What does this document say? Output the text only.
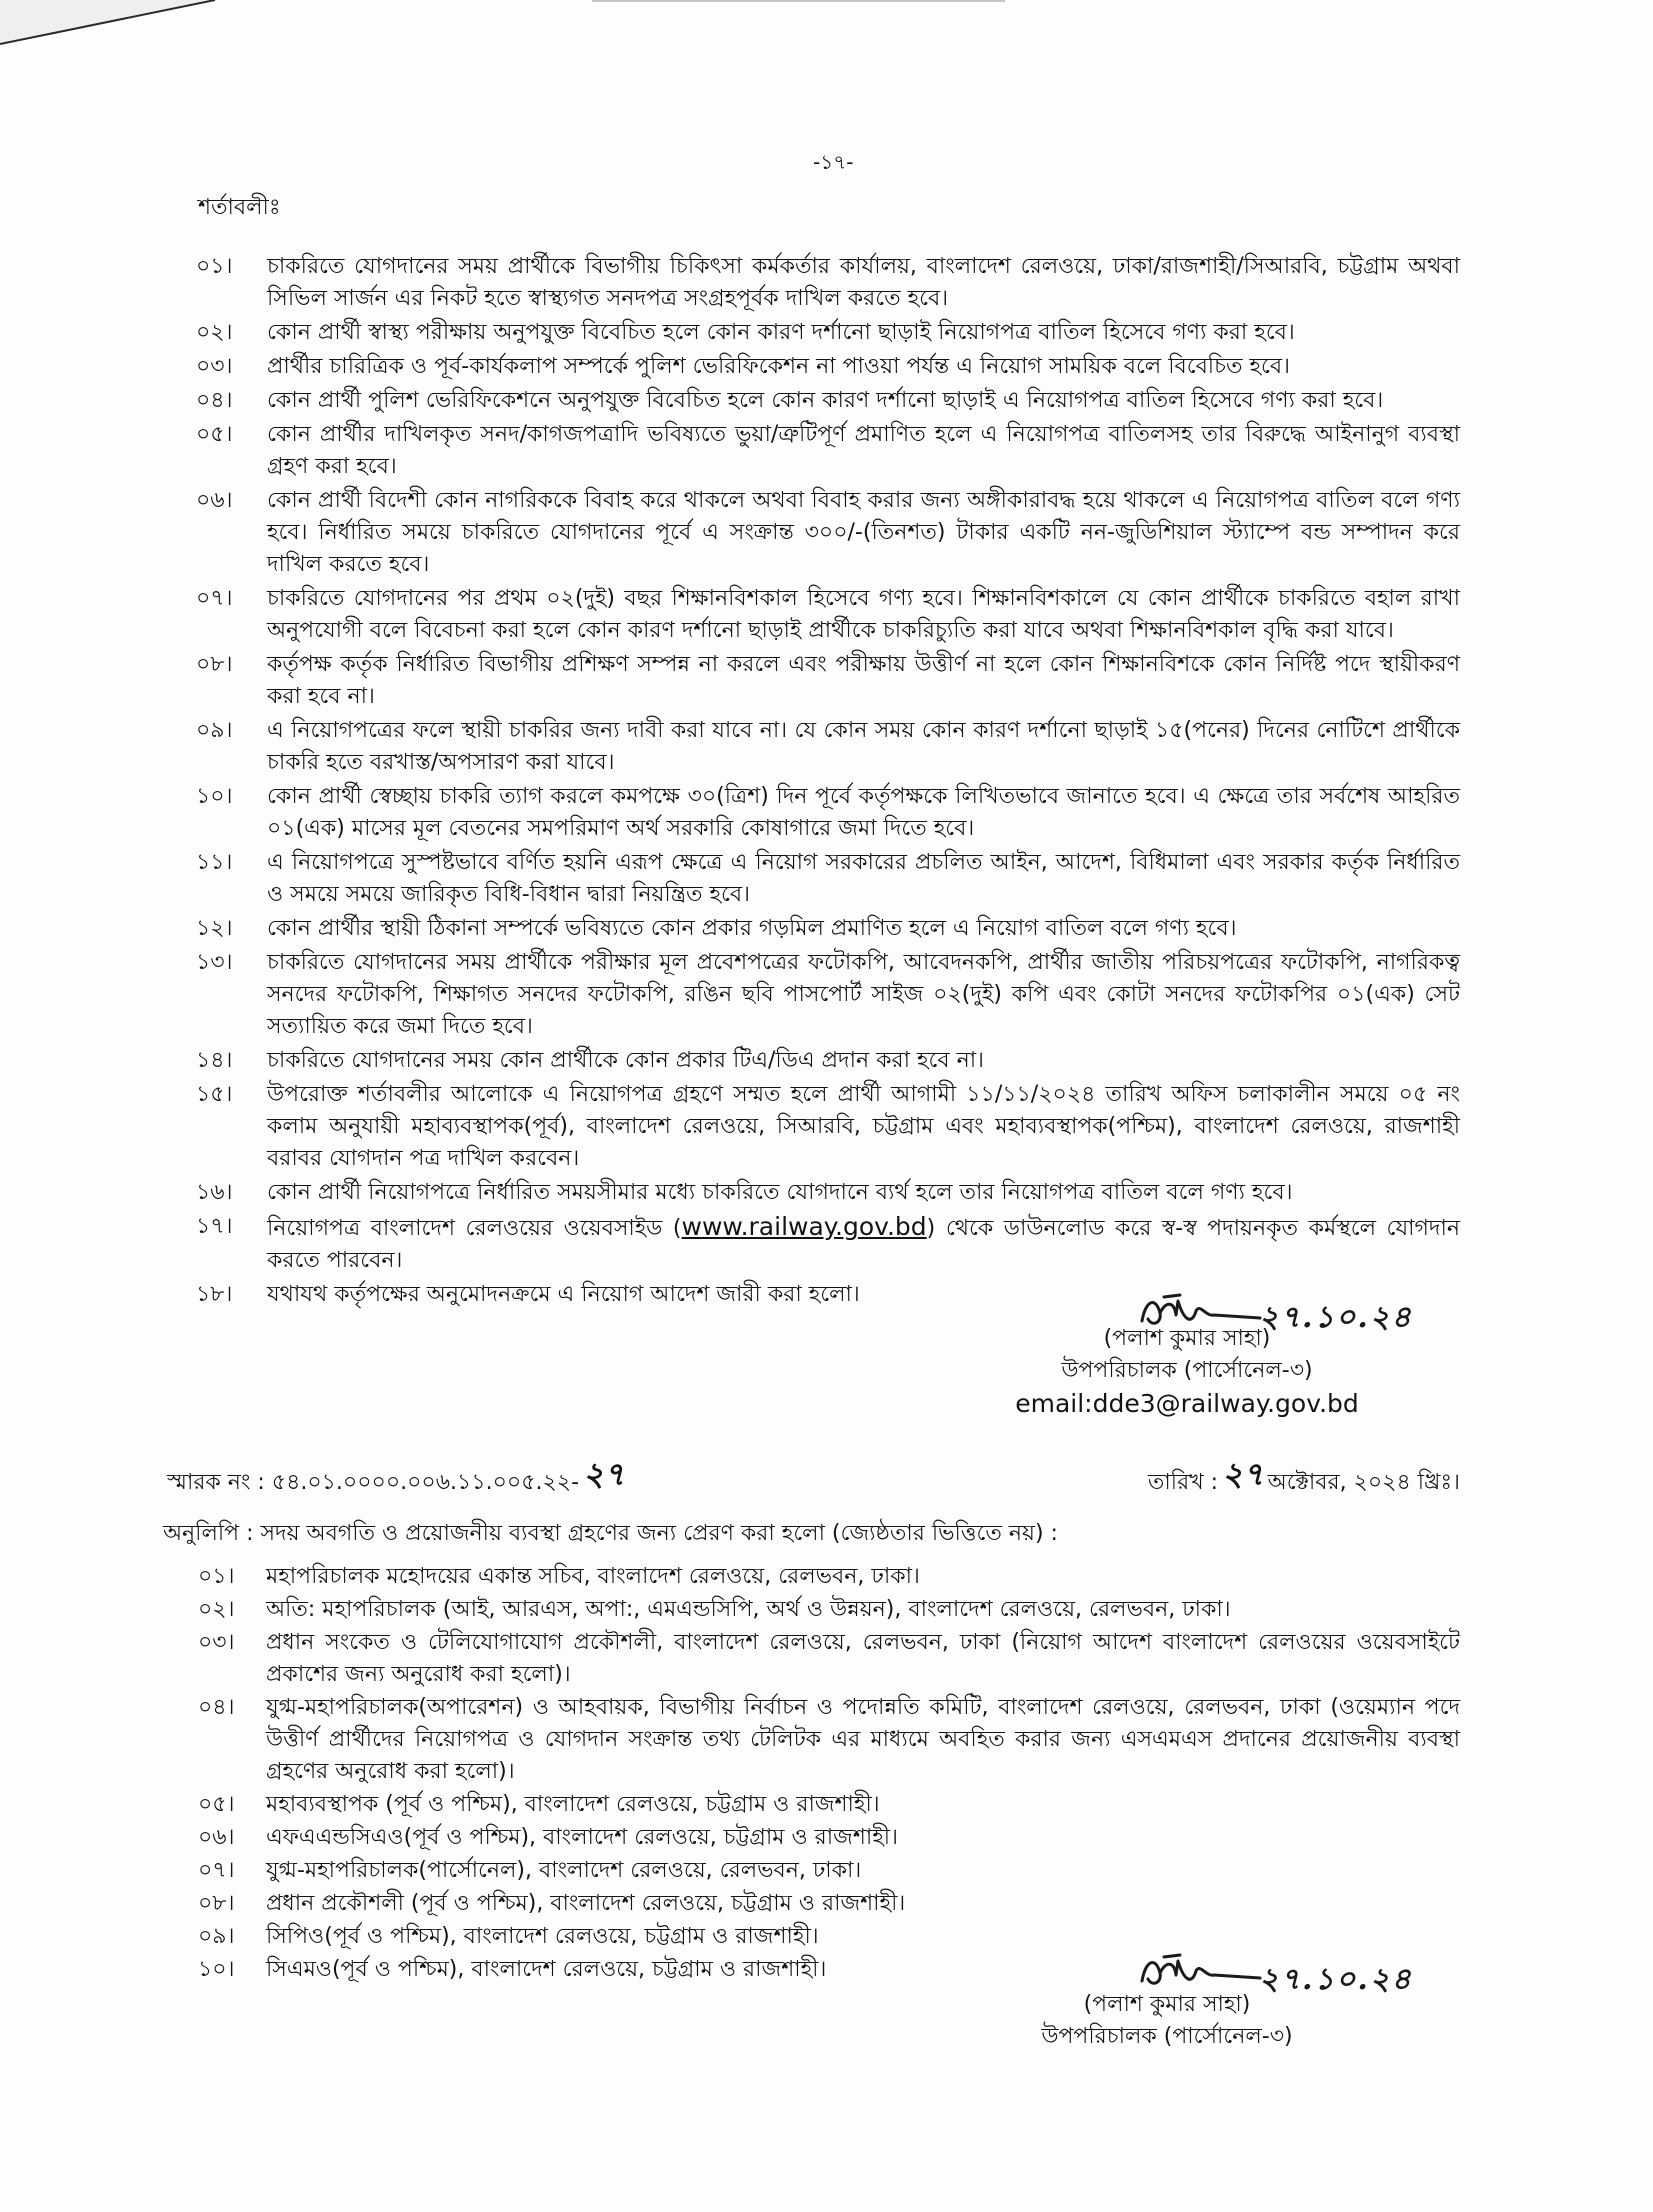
-১৭-
শর্তাবলীঃ
০১।	চাকরিতে যোগদানের সময় প্রার্থীকে বিভাগীয় চিকিৎসা কর্মকর্তার কার্যালয়, বাংলাদেশ রেলওয়ে, ঢাকা/রাজশাহী/সিআরবি, চট্টগ্রাম অথবা সিভিল সার্জন এর নিকট হতে স্বাস্থ্যগত সনদপত্র সংগ্রহপূর্বক দাখিল করতে হবে।
০২।	কোন প্রার্থী স্বাস্থ্য পরীক্ষায় অনুপযুক্ত বিবেচিত হলে কোন কারণ দর্শানো ছাড়াই নিয়োগপত্র বাতিল হিসেবে গণ্য করা হবে।
০৩।	প্রার্থীর চারিত্রিক ও পূর্ব-কার্যকলাপ সম্পর্কে পুলিশ ভেরিফিকেশন না পাওয়া পর্যন্ত এ নিয়োগ সাময়িক বলে বিবেচিত হবে।
০৪।	কোন প্রার্থী পুলিশ ভেরিফিকেশনে অনুপযুক্ত বিবেচিত হলে কোন কারণ দর্শানো ছাড়াই এ নিয়োগপত্র বাতিল হিসেবে গণ্য করা হবে।
০৫।	কোন প্রার্থীর দাখিলকৃত সনদ/কাগজপত্রাদি ভবিষ্যতে ভুয়া/ত্রুটিপূর্ণ প্রমাণিত হলে এ নিয়োগপত্র বাতিলসহ তার বিরুদ্ধে আইনানুগ ব্যবস্থা গ্রহণ করা হবে।
০৬।	কোন প্রার্থী বিদেশী কোন নাগরিককে বিবাহ করে থাকলে অথবা বিবাহ করার জন্য অঙ্গীকারাবদ্ধ হয়ে থাকলে এ নিয়োগপত্র বাতিল বলে গণ্য হবে। নির্ধারিত সময়ে চাকরিতে যোগদানের পূর্বে এ সংক্রান্ত ৩০০/-(তিনশত) টাকার একটি নন-জুডিশিয়াল স্ট্যাম্পে বন্ড সম্পাদন করে দাখিল করতে হবে।
০৭।	চাকরিতে যোগদানের পর প্রথম ০২(দুই) বছর শিক্ষানবিশকাল হিসেবে গণ্য হবে। শিক্ষানবিশকালে যে কোন প্রার্থীকে চাকরিতে বহাল রাখা অনুপযোগী বলে বিবেচনা করা হলে কোন কারণ দর্শানো ছাড়াই প্রার্থীকে চাকরিচ্যুতি করা যাবে অথবা শিক্ষানবিশকাল বৃদ্ধি করা যাবে।
০৮।	কর্তৃপক্ষ কর্তৃক নির্ধারিত বিভাগীয় প্রশিক্ষণ সম্পন্ন না করলে এবং পরীক্ষায় উত্তীর্ণ না হলে কোন শিক্ষানবিশকে কোন নির্দিষ্ট পদে স্থায়ীকরণ করা হবে না।
০৯।	এ নিয়োগপত্রের ফলে স্থায়ী চাকরির জন্য দাবী করা যাবে না। যে কোন সময় কোন কারণ দর্শানো ছাড়াই ১৫(পনের) দিনের নোটিশে প্রার্থীকে চাকরি হতে বরখাস্ত/অপসারণ করা যাবে।
১০।	কোন প্রার্থী স্বেচ্ছায় চাকরি ত্যাগ করলে কমপক্ষে ৩০(ত্রিশ) দিন পূর্বে কর্তৃপক্ষকে লিখিতভাবে জানাতে হবে। এ ক্ষেত্রে তার সর্বশেষ আহরিত ০১(এক) মাসের মূল বেতনের সমপরিমাণ অর্থ সরকারি কোষাগারে জমা দিতে হবে।
১১।	এ নিয়োগপত্রে সুস্পষ্টভাবে বর্ণিত হয়নি এরূপ ক্ষেত্রে এ নিয়োগ সরকারের প্রচলিত আইন, আদেশ, বিধিমালা এবং সরকার কর্তৃক নির্ধারিত ও সময়ে সময়ে জারিকৃত বিধি-বিধান দ্বারা নিয়ন্ত্রিত হবে।
১২।	কোন প্রার্থীর স্থায়ী ঠিকানা সম্পর্কে ভবিষ্যতে কোন প্রকার গড়মিল প্রমাণিত হলে এ নিয়োগ বাতিল বলে গণ্য হবে।
১৩।	চাকরিতে যোগদানের সময় প্রার্থীকে পরীক্ষার মূল প্রবেশপত্রের ফটোকপি, আবেদনকপি, প্রার্থীর জাতীয় পরিচয়পত্রের ফটোকপি, নাগরিকত্ব সনদের ফটোকপি, শিক্ষাগত সনদের ফটোকপি, রঙিন ছবি পাসপোর্ট সাইজ ০২(দুই) কপি এবং কোটা সনদের ফটোকপির ০১(এক) সেট সত্যায়িত করে জমা দিতে হবে।
১৪।	চাকরিতে যোগদানের সময় কোন প্রার্থীকে কোন প্রকার টিএ/ডিএ প্রদান করা হবে না।
১৫।	উপরোক্ত শর্তাবলীর আলোকে এ নিয়োগপত্র গ্রহণে সম্মত হলে প্রার্থী আগামী ১১/১১/২০২৪ তারিখ অফিস চলাকালীন সময়ে ০৫ নং কলাম অনুযায়ী মহাব্যবস্থাপক(পূর্ব), বাংলাদেশ রেলওয়ে, সিআরবি, চট্টগ্রাম এবং মহাব্যবস্থাপক(পশ্চিম), বাংলাদেশ রেলওয়ে, রাজশাহী বরাবর যোগদান পত্র দাখিল করবেন।
১৬।	কোন প্রার্থী নিয়োগপত্রে নির্ধারিত সময়সীমার মধ্যে চাকরিতে যোগদানে ব্যর্থ হলে তার নিয়োগপত্র বাতিল বলে গণ্য হবে।
১৭।	নিয়োগপত্র বাংলাদেশ রেলওয়ের ওয়েবসাইড (www.railway.gov.bd) থেকে ডাউনলোড করে স্ব-স্ব পদায়নকৃত কর্মস্থলে যোগদান করতে পারবেন।
১৮।	যথাযথ কর্তৃপক্ষের অনুমোদনক্রমে এ নিয়োগ আদেশ জারী করা হলো।
২৭.১০.২৪
(পলাশ কুমার সাহা)
উপপরিচালক (পার্সোনেল-৩)
email:dde3@railway.gov.bd
স্মারক নং : ৫৪.০১.০০০০.০০৬.১১.০০৫.২২- ২৭	তারিখ : ২৭ অক্টোবর, ২০২৪ খ্রিঃ।
অনুলিপি : সদয় অবগতি ও প্রয়োজনীয় ব্যবস্থা গ্রহণের জন্য প্রেরণ করা হলো (জ্যেষ্ঠতার ভিত্তিতে নয়) :
০১।	মহাপরিচালক মহোদয়ের একান্ত সচিব, বাংলাদেশ রেলওয়ে, রেলভবন, ঢাকা।
০২।	অতি: মহাপরিচালক (আই, আরএস, অপা:, এমএন্ডসিপি, অর্থ ও উন্নয়ন), বাংলাদেশ রেলওয়ে, রেলভবন, ঢাকা।
০৩।	প্রধান সংকেত ও টেলিযোগাযোগ প্রকৌশলী, বাংলাদেশ রেলওয়ে, রেলভবন, ঢাকা (নিয়োগ আদেশ বাংলাদেশ রেলওয়ের ওয়েবসাইটে প্রকাশের জন্য অনুরোধ করা হলো)।
০৪।	যুগ্ম-মহাপরিচালক(অপারেশন) ও আহবায়ক, বিভাগীয় নির্বাচন ও পদোন্নতি কমিটি, বাংলাদেশ রেলওয়ে, রেলভবন, ঢাকা (ওয়েম্যান পদে উত্তীর্ণ প্রার্থীদের নিয়োগপত্র ও যোগদান সংক্রান্ত তথ্য টেলিটক এর মাধ্যমে অবহিত করার জন্য এসএমএস প্রদানের প্রয়োজনীয় ব্যবস্থা গ্রহণের অনুরোধ করা হলো)।
০৫।	মহাব্যবস্থাপক (পূর্ব ও পশ্চিম), বাংলাদেশ রেলওয়ে, চট্টগ্রাম ও রাজশাহী।
০৬।	এফএএন্ডসিএও(পূর্ব ও পশ্চিম), বাংলাদেশ রেলওয়ে, চট্টগ্রাম ও রাজশাহী।
০৭।	যুগ্ম-মহাপরিচালক(পার্সোনেল), বাংলাদেশ রেলওয়ে, রেলভবন, ঢাকা।
০৮।	প্রধান প্রকৌশলী (পূর্ব ও পশ্চিম), বাংলাদেশ রেলওয়ে, চট্টগ্রাম ও রাজশাহী।
০৯।	সিপিও(পূর্ব ও পশ্চিম), বাংলাদেশ রেলওয়ে, চট্টগ্রাম ও রাজশাহী।
১০।	সিএমও(পূর্ব ও পশ্চিম), বাংলাদেশ রেলওয়ে, চট্টগ্রাম ও রাজশাহী।	২৭.১০.২৪
(পলাশ কুমার সাহা)
উপপরিচালক (পার্সোনেল-৩)
